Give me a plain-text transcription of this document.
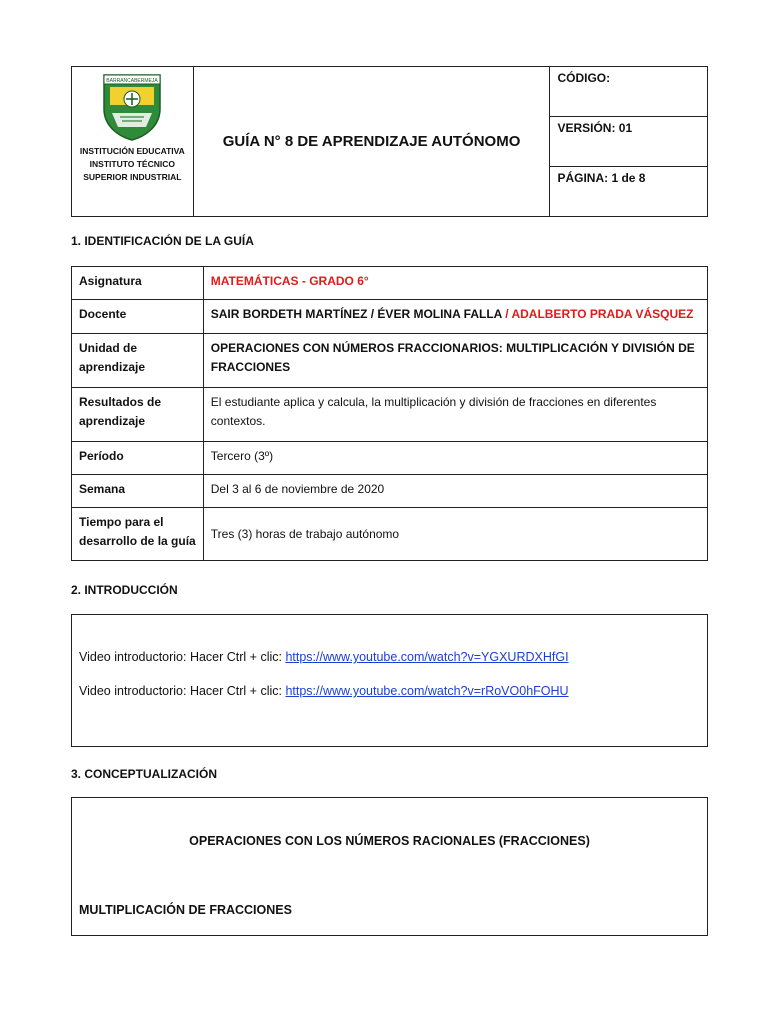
BARRANCABERMEJA
INSTITUCIÓN EDUCATIVA
INSTITUTO TÉCNICO
SUPERIOR INDUSTRIAL
	GUÍA N° 8 DE APRENDIZAJE AUTÓNOMO	CÓDIGO:
VERSIÓN: 01
PÁGINA: 1 de 8
1. IDENTIFICACIÓN DE LA GUÍA
Asignatura	MATEMÁTICAS - GRADO 6°
Docente	SAIR BORDETH MARTÍNEZ / ÉVER MOLINA FALLA / ADALBERTO PRADA VÁSQUEZ
Unidad de aprendizaje	OPERACIONES CON NÚMEROS FRACCIONARIOS: MULTIPLICACIÓN Y DIVISIÓN DE FRACCIONES
Resultados de aprendizaje	El estudiante aplica y calcula, la multiplicación y división de fracciones en diferentes contextos.
Período	Tercero (3º)
Semana	Del 3 al 6 de noviembre de 2020
Tiempo para el desarrollo de la guía	Tres (3) horas de trabajo autónomo
2. INTRODUCCIÓN
Video introductorio: Hacer Ctrl + clic: https://www.youtube.com/watch?v=YGXURDXHfGI
Video introductorio: Hacer Ctrl + clic: https://www.youtube.com/watch?v=rRoVO0hFOHU
3. CONCEPTUALIZACIÓN
OPERACIONES CON LOS NÚMEROS RACIONALES (FRACCIONES)
MULTIPLICACIÓN DE FRACCIONES
